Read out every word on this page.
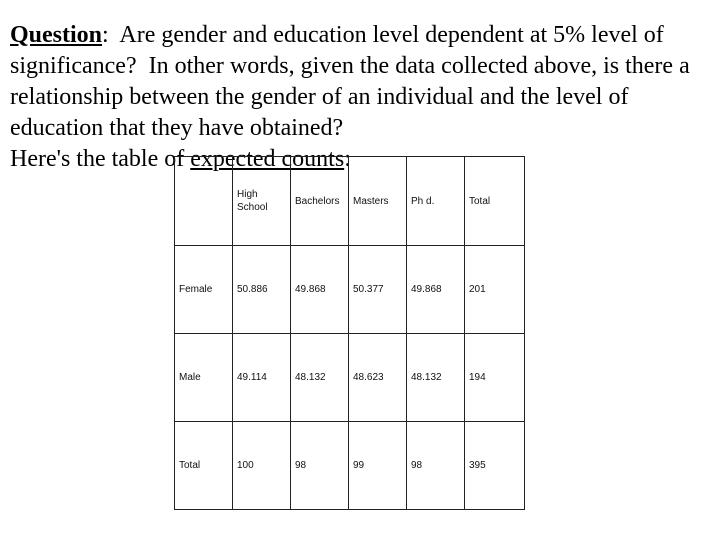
Question:  Are gender and education level dependent at 5% level of significance?  In other words, given the data collected above, is there a relationship between the gender of an individual and the level of education that they have obtained?
Here's the table of expected counts:

	High School	Bachelors	Masters	Ph d.	Total
Female	50.886	49.868	50.377	49.868	201
Male	49.114	48.132	48.623	48.132	194
Total	100	98	99	98	395
